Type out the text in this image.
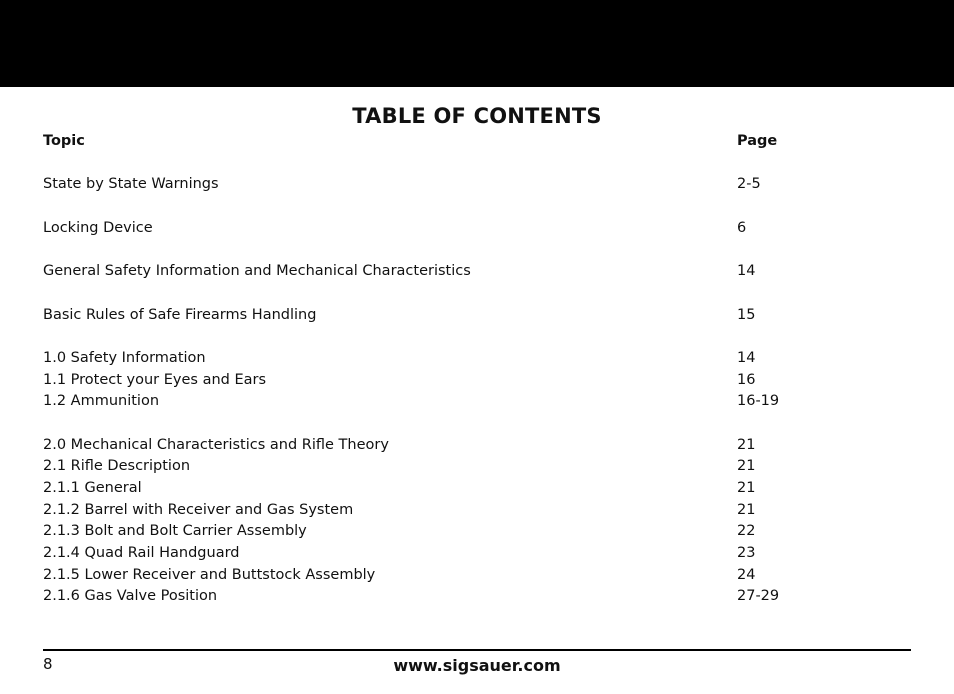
TABLE OF CONTENTS
Topic	Page
State by State Warnings	2-5
Locking Device	6
General Safety Information and Mechanical Characteristics	14
Basic Rules of Safe Firearms Handling	15
1.0 Safety Information	14
1.1 Protect your Eyes and Ears	16
1.2 Ammunition	16-19
2.0 Mechanical Characteristics and Rifle Theory	21
2.1 Rifle Description	21
2.1.1 General	21
2.1.2 Barrel with Receiver and Gas System	21
2.1.3 Bolt and Bolt Carrier Assembly	22
2.1.4 Quad Rail Handguard	23
2.1.5 Lower Receiver and Buttstock Assembly	24
2.1.6 Gas Valve Position	27-29
8	www.sigsauer.com
